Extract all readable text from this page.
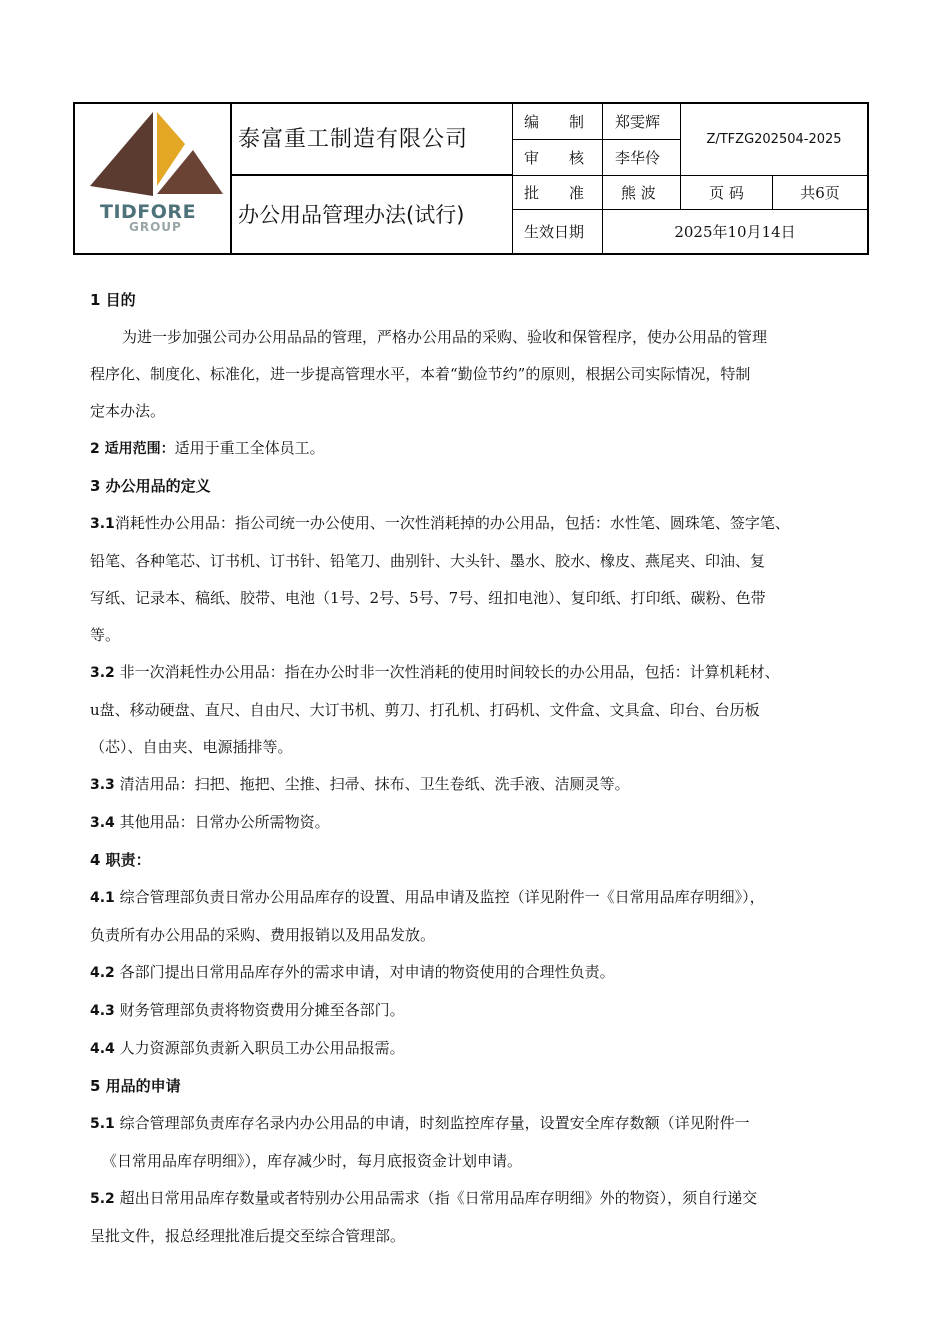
TIDFORE
GROUP
泰富重工制造有限公司
办公用品管理办法(试行)
编　　制
审　　核
批　　准
生效日期
郑雯辉
李华伶
熊 波
Z/TFZG202504-2025
页 码	共6页
2025年10月14日

1 目的

为进一步加强公司办公用品品的管理，严格办公用品的采购、验收和保管程序，使办公用品的管理

程序化、制度化、标准化，进一步提高管理水平，本着“勤俭节约”的原则，根据公司实际情况，特制

定本办法。

2 适用范围：适用于重工全体员工。

3 办公用品的定义

3.1消耗性办公用品：指公司统一办公使用、一次性消耗掉的办公用品，包括：水性笔、圆珠笔、签字笔、

铅笔、各种笔芯、订书机、订书针、铅笔刀、曲别针、大头针、墨水、胶水、橡皮、燕尾夹、印油、复

写纸、记录本、稿纸、胶带、电池（1号、2号、5号、7号、纽扣电池）、复印纸、打印纸、碳粉、色带

等。

3.2 非一次消耗性办公用品：指在办公时非一次性消耗的使用时间较长的办公用品，包括：计算机耗材、

u盘、移动硬盘、直尺、自由尺、大订书机、剪刀、打孔机、打码机、文件盒、文具盒、印台、台历板

（芯）、自由夹、电源插排等。

3.3 清洁用品：扫把、拖把、尘推、扫帚、抹布、卫生卷纸、洗手液、洁厕灵等。

3.4 其他用品：日常办公所需物资。

4 职责：

4.1 综合管理部负责日常办公用品库存的设置、用品申请及监控（详见附件一《日常用品库存明细》），

负责所有办公用品的采购、费用报销以及用品发放。

4.2 各部门提出日常用品库存外的需求申请，对申请的物资使用的合理性负责。

4.3 财务管理部负责将物资费用分摊至各部门。

4.4 人力资源部负责新入职员工办公用品报需。

5 用品的申请

5.1 综合管理部负责库存名录内办公用品的申请，时刻监控库存量，设置安全库存数额（详见附件一

《日常用品库存明细》），库存减少时，每月底报资金计划申请。

5.2 超出日常用品库存数量或者特别办公用品需求（指《日常用品库存明细》外的物资），须自行递交

呈批文件，报总经理批准后提交至综合管理部。
